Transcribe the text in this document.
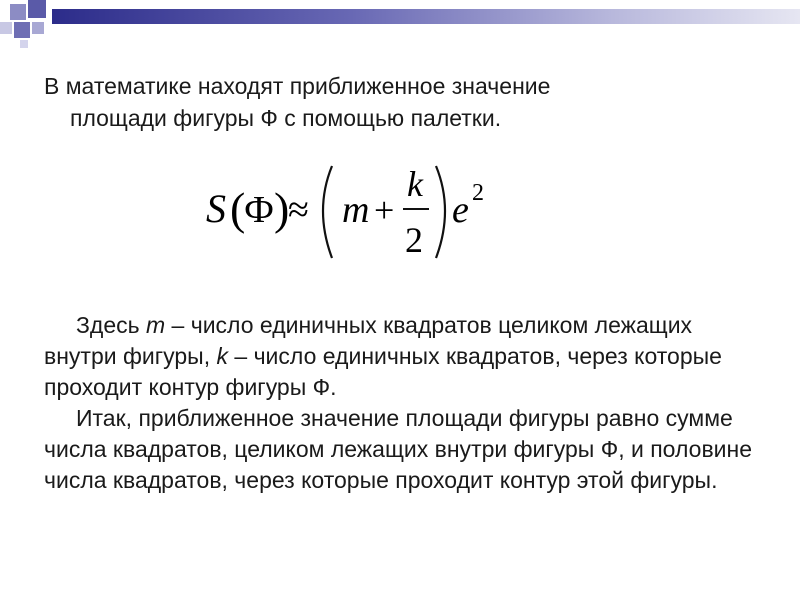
В математике находят приближенное значение
площади фигуры Ф с помощью палетки.
S (
Ф )
≈ m +
k
2
e 2
Здесь m – число единичных квадратов целиком лежащих внутри фигуры, k – число единичных квадратов, через которые проходит контур фигуры Ф.
Итак, приближенное значение площади фигуры равно сумме числа квадратов, целиком лежащих внутри фигуры Ф, и половине числа квадратов, через которые проходит контур этой фигуры.
